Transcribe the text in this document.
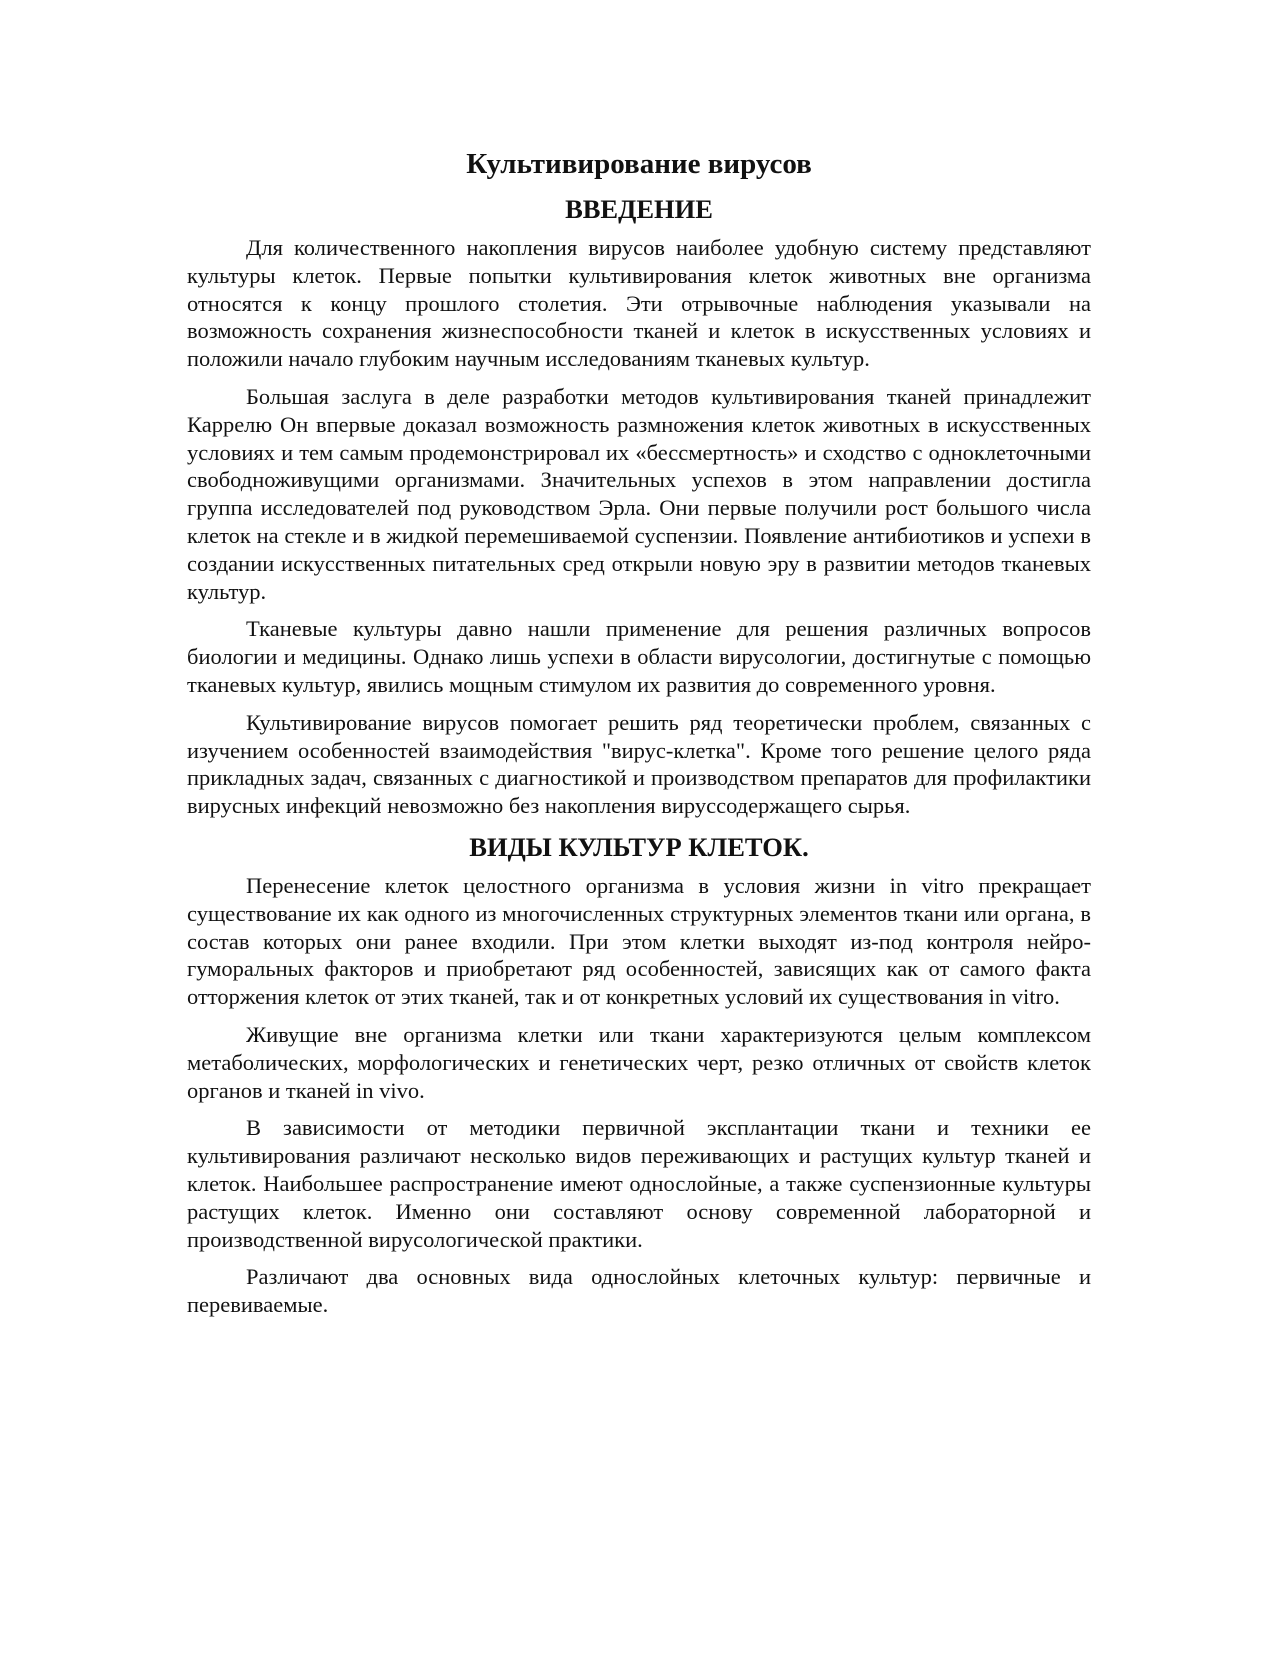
Культивирование вирусов
ВВЕДЕНИЕ

Для количественного накопления вирусов наиболее удобную систему представляют культуры клеток. Первые попытки культивирования клеток животных вне организма относятся к концу прошлого столетия. Эти отрывочные наблюдения указывали на возможность сохранения жизнеспособности тканей и клеток в искусственных условиях и положили начало глубоким научным исследованиям тканевых культур.

Большая заслуга в деле разработки методов культивирования тканей принадлежит Каррелю Он впервые доказал возможность размножения клеток животных в искусственных условиях и тем самым продемонстрировал их «бессмертность» и сходство с одноклеточными свободноживущими организмами. Значительных успехов в этом направлении достигла группа исследователей под руководством Эрла. Они первые получили рост большого числа клеток на стекле и в жидкой перемешиваемой суспензии. Появление антибиотиков и успехи в создании искусственных питательных сред открыли новую эру в развитии методов тканевых культур.

Тканевые культуры давно нашли применение для решения различных вопросов биологии и медицины. Однако лишь успехи в области вирусологии, достигнутые с помощью тканевых культур, явились мощным стимулом их развития до современного уровня.

Культивирование вирусов помогает решить ряд теоретически проблем, связанных с изучением особенностей взаимодействия "вирус-клетка". Кроме того решение целого ряда прикладных задач, связанных с диагностикой и производством препаратов для профилактики вирусных инфекций невозможно без накопления вируссодержащего сырья.

ВИДЫ КУЛЬТУР КЛЕТОК.

Перенесение клеток целостного организма в условия жизни in vitro прекращает существование их как одного из многочисленных структурных элементов ткани или органа, в состав которых они ранее входили. При этом клетки выходят из-под контроля нейро-гуморальных факторов и приобретают ряд особенностей, зависящих как от самого факта отторжения клеток от этих тканей, так и от конкретных условий их существования in vitro.

Живущие вне организма клетки или ткани характеризуются целым комплексом метаболических, морфологических и генетических черт, резко отличных от свойств клеток органов и тканей in vivo.

В зависимости от методики первичной эксплантации ткани и техники ее культивирования различают несколько видов переживающих и растущих культур тканей и клеток. Наибольшее распространение имеют однослойные, а также суспензионные культуры растущих клеток. Именно они составляют основу современной лабораторной и производственной вирусологической практики.

Различают два основных вида однослойных клеточных культур: первичные и перевиваемые.
